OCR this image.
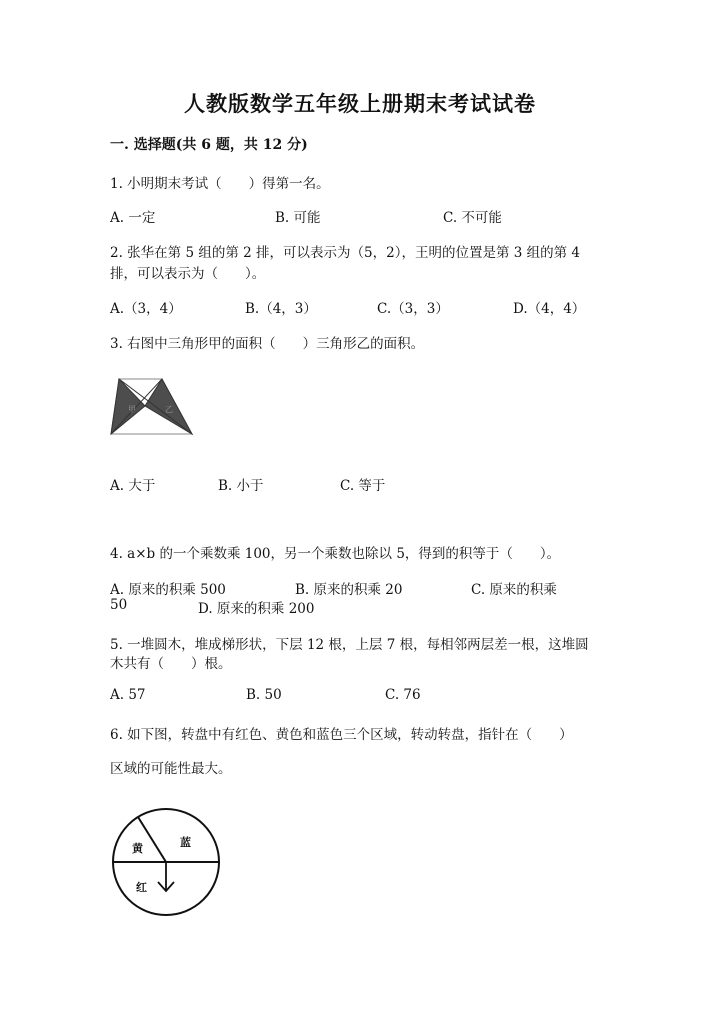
人教版数学五年级上册期末考试试卷
一. 选择题(共 6 题，共 12 分)
1. 小明期末考试（　　）得第一名。
A. 一定	B. 可能	C. 不可能
2. 张华在第 5 组的第 2 排，可以表示为（5，2），王明的位置是第 3 组的第 4
排，可以表示为（　　）。
A.（3，4）	B.（4，3）	C.（3，3）	D.（4，4）
3. 右图中三角形甲的面积（　　）三角形乙的面积。
甲	乙
A. 大于	B. 小于	C. 等于
4. a×b 的一个乘数乘 100，另一个乘数也除以 5，得到的积等于（　　）。
A. 原来的积乘 500	B. 原来的积乘 20	C. 原来的积乘
50	D. 原来的积乘 200
5. 一堆圆木，堆成梯形状，下层 12 根，上层 7 根，每相邻两层差一根，这堆圆
木共有（　　）根。
A. 57	B. 50	C. 76
6. 如下图，转盘中有红色、黄色和蓝色三个区域，转动转盘，指针在（　　）
区域的可能性最大。
黄	蓝
红
